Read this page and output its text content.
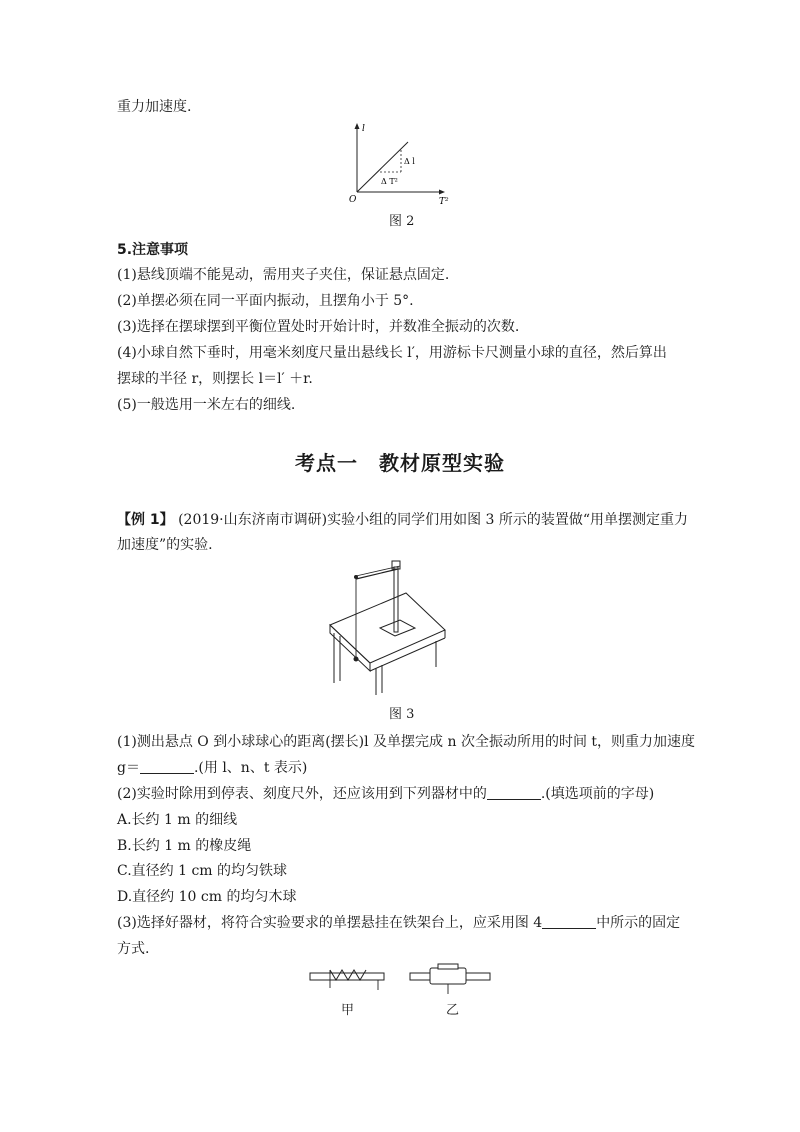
重力加速度.
l
T²
O
Δ l
Δ T²
图 2
5.注意事项
(1)悬线顶端不能晃动，需用夹子夹住，保证悬点固定.
(2)单摆必须在同一平面内振动，且摆角小于 5°.
(3)选择在摆球摆到平衡位置处时开始计时，并数准全振动的次数.
(4)小球自然下垂时，用毫米刻度尺量出悬线长 l′，用游标卡尺测量小球的直径，然后算出
摆球的半径 r，则摆长 l＝l′ ＋r.
(5)一般选用一米左右的细线.
考点一　教材原型实验
【例 1】 (2019·山东济南市调研)实验小组的同学们用如图 3 所示的装置做“用单摆测定重力
加速度”的实验.
图 3
(1)测出悬点 O 到小球球心的距离(摆长)l 及单摆完成 n 次全振动所用的时间 t，则重力加速度
g＝	.(用 l、n、t 表示)
(2)实验时除用到停表、刻度尺外，还应该用到下列器材中的	.(填选项前的字母)
A.长约 1 m 的细线
B.长约 1 m 的橡皮绳
C.直径约 1 cm 的均匀铁球
D.直径约 10 cm 的均匀木球
(3)选择好器材，将符合实验要求的单摆悬挂在铁架台上，应采用图 4	中所示的固定
方式.
甲	乙
